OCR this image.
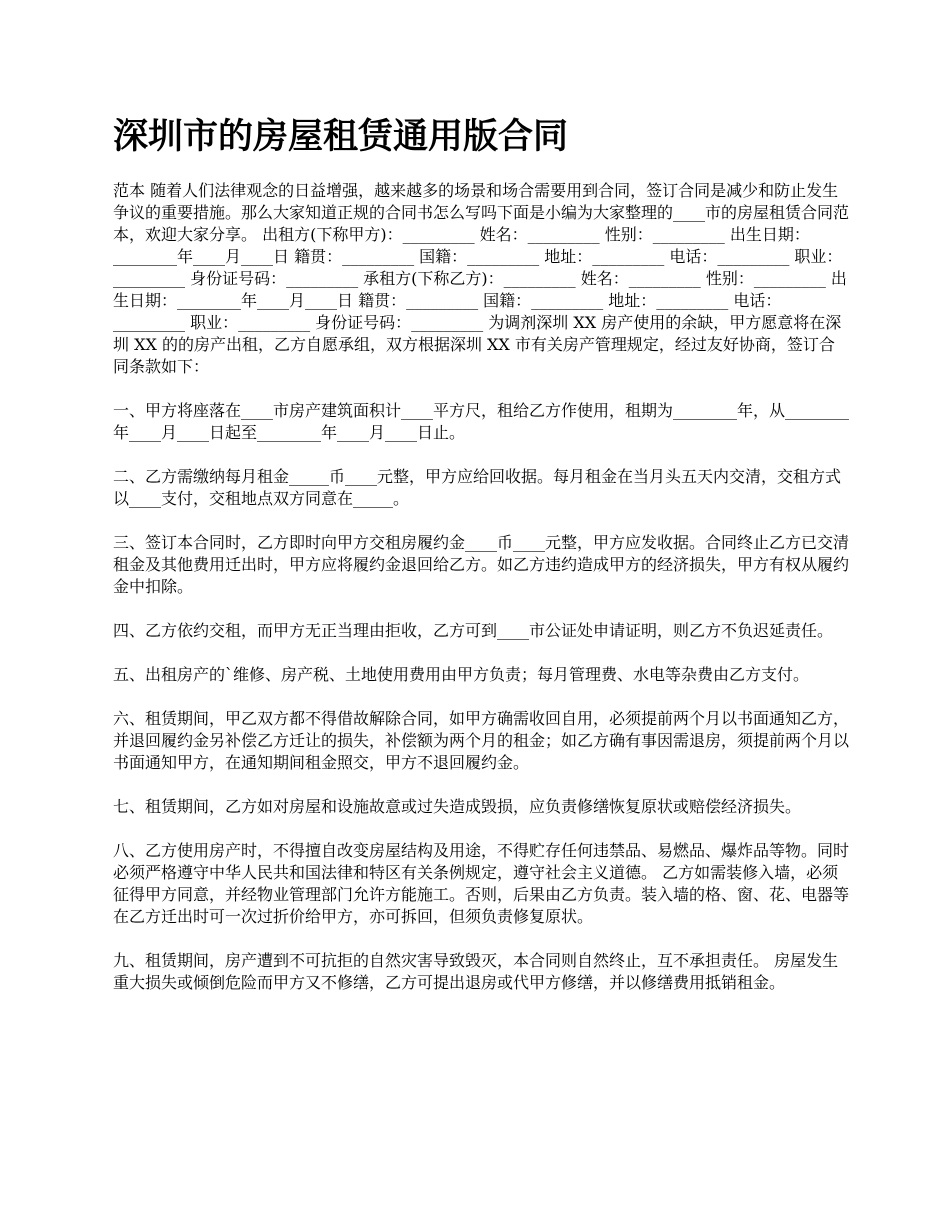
深圳市的房屋租赁通用版合同

范本 随着人们法律观念的日益增强，越来越多的场景和场合需要用到合同，签订合同是减少和防止发生争议的重要措施。那么大家知道正规的合同书怎么写吗下面是小编为大家整理的____市的房屋租赁合同范本，欢迎大家分享。 出租方(下称甲方)：_________ 姓名：_________ 性别：_________ 出生日期：________年____月____日 籍贯：_________ 国籍：_________ 地址：_________ 电话：_________ 职业：_________ 身份证号码：_________ 承租方(下称乙方)：_________ 姓名：_________ 性别：_________ 出生日期：________年____月____日 籍贯：_________ 国籍：_________ 地址：_________ 电话：_________ 职业：_________ 身份证号码：_________ 为调剂深圳 XX 房产使用的余缺，甲方愿意将在深圳 XX 的的房产出租，乙方自愿承组，双方根据深圳 XX 市有关房产管理规定，经过友好协商，签订合同条款如下：

一、甲方将座落在____市房产建筑面积计____平方尺，租给乙方作使用，租期为________年，从________年____月____日起至________年____月____日止。

二、乙方需缴纳每月租金_____币____元整，甲方应给回收据。每月租金在当月头五天内交清，交租方式以____支付，交租地点双方同意在_____。

三、签订本合同时，乙方即时向甲方交租房履约金____币____元整，甲方应发收据。合同终止乙方已交清租金及其他费用迁出时，甲方应将履约金退回给乙方。如乙方违约造成甲方的经济损失，甲方有权从履约金中扣除。

四、乙方依约交租，而甲方无正当理由拒收，乙方可到____市公证处申请证明，则乙方不负迟延责任。

五、出租房产的`维修、房产税、土地使用费用由甲方负责；每月管理费、水电等杂费由乙方支付。

六、租赁期间，甲乙双方都不得借故解除合同，如甲方确需收回自用，必须提前两个月以书面通知乙方，并退回履约金另补偿乙方迁让的损失，补偿额为两个月的租金；如乙方确有事因需退房，须提前两个月以书面通知甲方，在通知期间租金照交，甲方不退回履约金。

七、租赁期间，乙方如对房屋和设施故意或过失造成毁损，应负责修缮恢复原状或赔偿经济损失。

八、乙方使用房产时，不得擅自改变房屋结构及用途，不得贮存任何违禁品、易燃品、爆炸品等物。同时必须严格遵守中华人民共和国法律和特区有关条例规定，遵守社会主义道德。 乙方如需装修入墙，必须征得甲方同意，并经物业管理部门允许方能施工。否则，后果由乙方负责。装入墙的格、窗、花、电器等在乙方迁出时可一次过折价给甲方，亦可拆回，但须负责修复原状。

九、租赁期间，房产遭到不可抗拒的自然灾害导致毁灭，本合同则自然终止，互不承担责任。 房屋发生重大损失或倾倒危险而甲方又不修缮，乙方可提出退房或代甲方修缮，并以修缮费用抵销租金。
